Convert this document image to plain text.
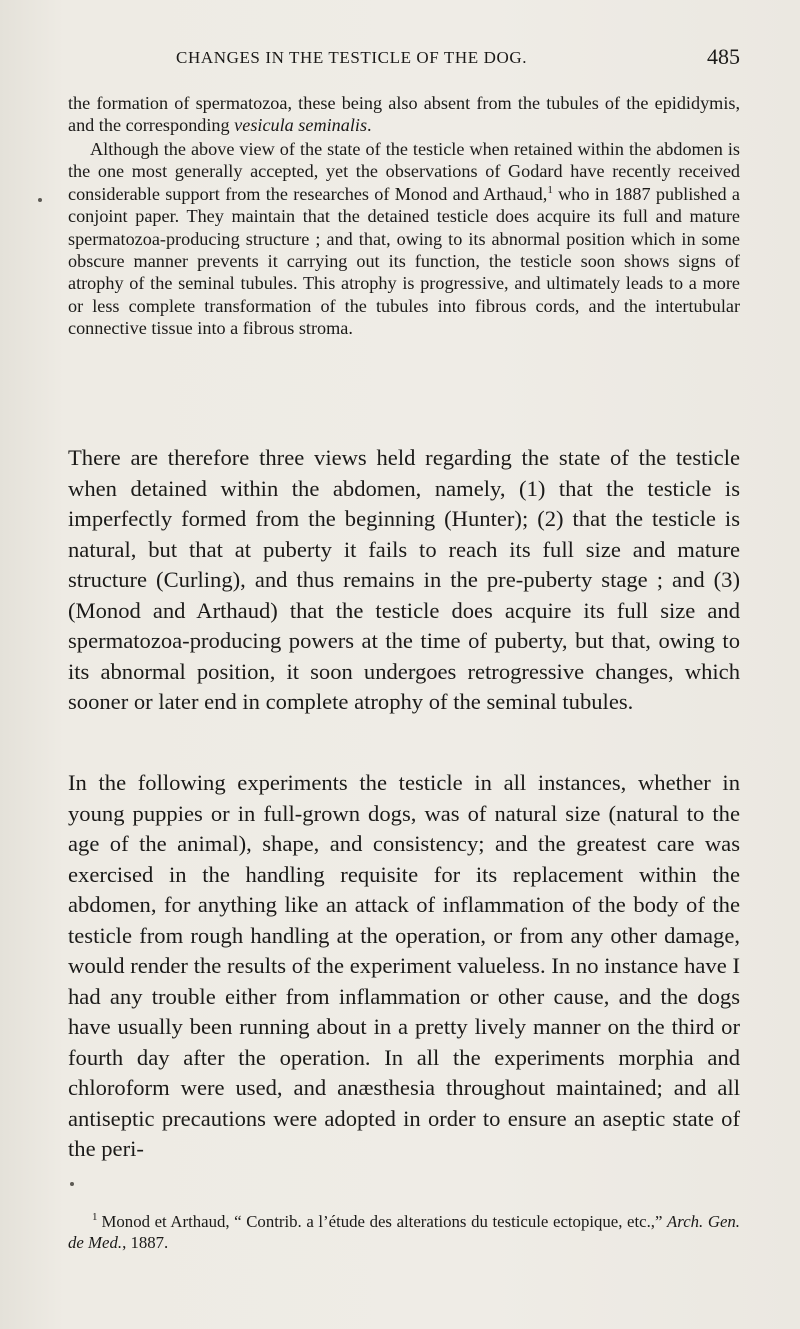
CHANGES IN THE TESTICLE OF THE DOG.	485

the formation of spermatozoa, these being also absent from the tubules of the epididymis, and the corresponding vesicula seminalis.

Although the above view of the state of the testicle when retained within the abdomen is the one most generally accepted, yet the observations of Godard have recently received considerable support from the researches of Monod and Arthaud,$^1$ who in 1887 published a conjoint paper. They maintain that the detained testicle does acquire its full and mature spermatozoa-producing structure ; and that, owing to its abnormal position which in some obscure manner prevents it carrying out its function, the testicle soon shows signs of atrophy of the seminal tubules. This atrophy is progressive, and ultimately leads to a more or less complete transformation of the tubules into fibrous cords, and the intertubular connective tissue into a fibrous stroma.

There are therefore three views held regarding the state of the testicle when detained within the abdomen, namely, (1) that the testicle is imperfectly formed from the beginning (Hunter); (2) that the testicle is natural, but that at puberty it fails to reach its full size and mature structure (Curling), and thus remains in the pre-puberty stage ; and (3) (Monod and Arthaud) that the testicle does acquire its full size and spermatozoa-producing powers at the time of puberty, but that, owing to its abnormal position, it soon undergoes retrogressive changes, which sooner or later end in complete atrophy of the seminal tubules.

In the following experiments the testicle in all instances, whether in young puppies or in full-grown dogs, was of natural size (natural to the age of the animal), shape, and consistency; and the greatest care was exercised in the handling requisite for its replacement within the abdomen, for anything like an attack of inflammation of the body of the testicle from rough handling at the operation, or from any other damage, would render the results of the experiment valueless. In no instance have I had any trouble either from inflammation or other cause, and the dogs have usually been running about in a pretty lively manner on the third or fourth day after the operation. In all the experiments morphia and chloroform were used, and anæsthesia throughout maintained; and all antiseptic precautions were adopted in order to ensure an aseptic state of the peri-

$^1$ Monod et Arthaud, “ Contrib. a l’étude des alterations du testicule ectopique, etc.,” Arch. Gen. de Med., 1887.
